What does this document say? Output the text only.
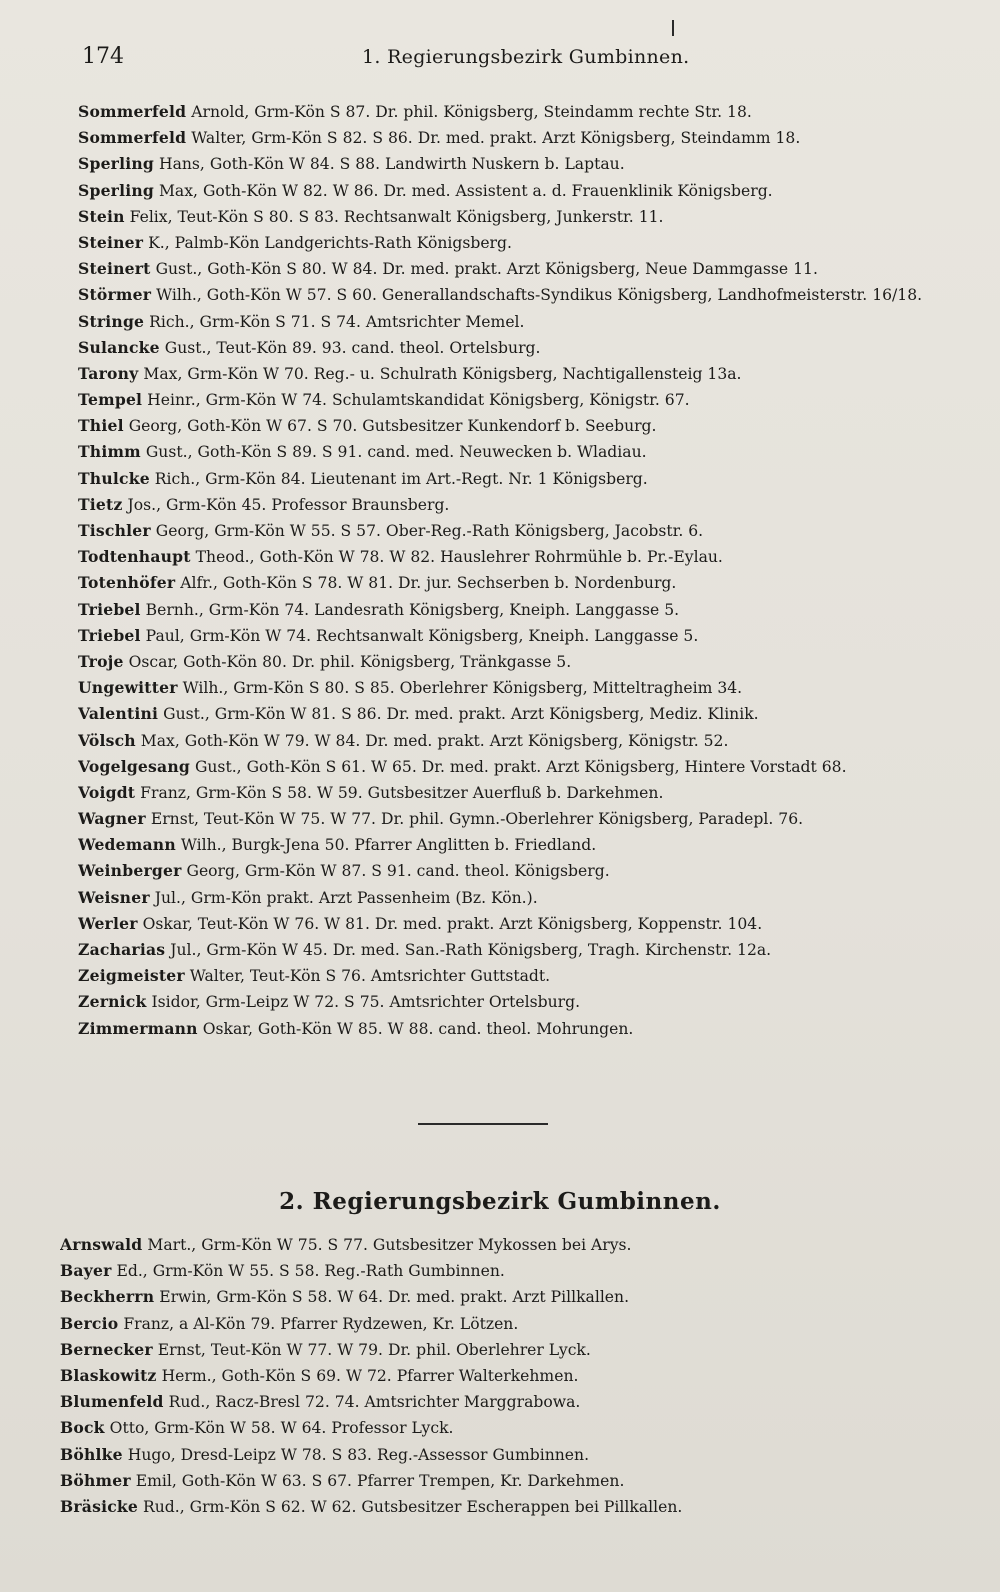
174	1. Regierungsbezirk Gumbinnen.
Sommerfeld Arnold, Grm-Kön S 87. Dr. phil. Königsberg, Steindamm rechte Str. 18.
Sommerfeld Walter, Grm-Kön S 82. S 86. Dr. med. prakt. Arzt Königsberg, Steindamm 18.
Sperling Hans, Goth-Kön W 84. S 88. Landwirth Nuskern b. Laptau.
Sperling Max, Goth-Kön W 82. W 86. Dr. med. Assistent a. d. Frauenklinik Königsberg.
Stein Felix, Teut-Kön S 80. S 83. Rechtsanwalt Königsberg, Junkerstr. 11.
Steiner K., Palmb-Kön Landgerichts-Rath Königsberg.
Steinert Gust., Goth-Kön S 80. W 84. Dr. med. prakt. Arzt Königsberg, Neue Dammgasse 11.
Störmer Wilh., Goth-Kön W 57. S 60. Generallandschafts-Syndikus Königsberg, Landhofmeisterstr. 16/18.
Stringe Rich., Grm-Kön S 71. S 74. Amtsrichter Memel.
Sulancke Gust., Teut-Kön 89. 93. cand. theol. Ortelsburg.
Tarony Max, Grm-Kön W 70. Reg.- u. Schulrath Königsberg, Nachtigallensteig 13a.
Tempel Heinr., Grm-Kön W 74. Schulamtskandidat Königsberg, Königstr. 67.
Thiel Georg, Goth-Kön W 67. S 70. Gutsbesitzer Kunkendorf b. Seeburg.
Thimm Gust., Goth-Kön S 89. S 91. cand. med. Neuwecken b. Wladiau.
Thulcke Rich., Grm-Kön 84. Lieutenant im Art.-Regt. Nr. 1 Königsberg.
Tietz Jos., Grm-Kön 45. Professor Braunsberg.
Tischler Georg, Grm-Kön W 55. S 57. Ober-Reg.-Rath Königsberg, Jacobstr. 6.
Todtenhaupt Theod., Goth-Kön W 78. W 82. Hauslehrer Rohrmühle b. Pr.-Eylau.
Totenhöfer Alfr., Goth-Kön S 78. W 81. Dr. jur. Sechserben b. Nordenburg.
Triebel Bernh., Grm-Kön 74. Landesrath Königsberg, Kneiph. Langgasse 5.
Triebel Paul, Grm-Kön W 74. Rechtsanwalt Königsberg, Kneiph. Langgasse 5.
Troje Oscar, Goth-Kön 80. Dr. phil. Königsberg, Tränkgasse 5.
Ungewitter Wilh., Grm-Kön S 80. S 85. Oberlehrer Königsberg, Mitteltragheim 34.
Valentini Gust., Grm-Kön W 81. S 86. Dr. med. prakt. Arzt Königsberg, Mediz. Klinik.
Völsch Max, Goth-Kön W 79. W 84. Dr. med. prakt. Arzt Königsberg, Königstr. 52.
Vogelgesang Gust., Goth-Kön S 61. W 65. Dr. med. prakt. Arzt Königsberg, Hintere Vorstadt 68.
Voigdt Franz, Grm-Kön S 58. W 59. Gutsbesitzer Auerfluß b. Darkehmen.
Wagner Ernst, Teut-Kön W 75. W 77. Dr. phil. Gymn.-Oberlehrer Königsberg, Paradepl. 76.
Wedemann Wilh., Burgk-Jena 50. Pfarrer Anglitten b. Friedland.
Weinberger Georg, Grm-Kön W 87. S 91. cand. theol. Königsberg.
Weisner Jul., Grm-Kön prakt. Arzt Passenheim (Bz. Kön.).
Werler Oskar, Teut-Kön W 76. W 81. Dr. med. prakt. Arzt Königsberg, Koppenstr. 104.
Zacharias Jul., Grm-Kön W 45. Dr. med. San.-Rath Königsberg, Tragh. Kirchenstr. 12a.
Zeigmeister Walter, Teut-Kön S 76. Amtsrichter Guttstadt.
Zernick Isidor, Grm-Leipz W 72. S 75. Amtsrichter Ortelsburg.
Zimmermann Oskar, Goth-Kön W 85. W 88. cand. theol. Mohrungen.
2. Regierungsbezirk Gumbinnen.
Arnswald Mart., Grm-Kön W 75. S 77. Gutsbesitzer Mykossen bei Arys.
Bayer Ed., Grm-Kön W 55. S 58. Reg.-Rath Gumbinnen.
Beckherrn Erwin, Grm-Kön S 58. W 64. Dr. med. prakt. Arzt Pillkallen.
Bercio Franz, a Al-Kön 79. Pfarrer Rydzewen, Kr. Lötzen.
Bernecker Ernst, Teut-Kön W 77. W 79. Dr. phil. Oberlehrer Lyck.
Blaskowitz Herm., Goth-Kön S 69. W 72. Pfarrer Walterkehmen.
Blumenfeld Rud., Racz-Bresl 72. 74. Amtsrichter Marggrabowa.
Bock Otto, Grm-Kön W 58. W 64. Professor Lyck.
Böhlke Hugo, Dresd-Leipz W 78. S 83. Reg.-Assessor Gumbinnen.
Böhmer Emil, Goth-Kön W 63. S 67. Pfarrer Trempen, Kr. Darkehmen.
Bräsicke Rud., Grm-Kön S 62. W 62. Gutsbesitzer Escherappen bei Pillkallen.
